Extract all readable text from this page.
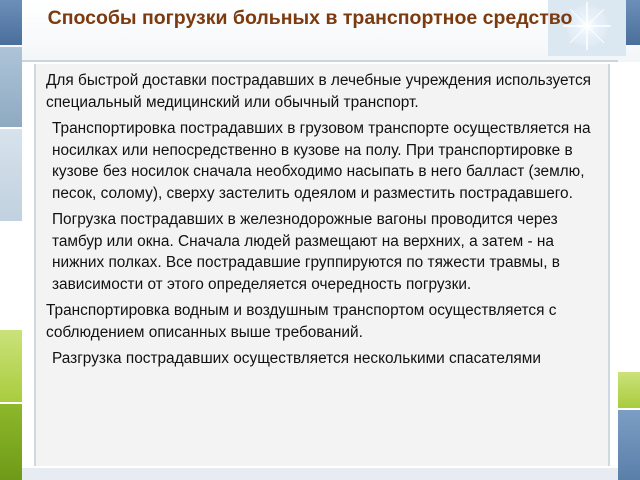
Способы погрузки больных в транспортное средство

Для быстрой доставки пострадавших в лечебные учреждения используется специальный медицинский или обычный транспорт.

Транспортировка пострадавших в грузовом транспорте осуществляется на носилках или непосредственно в кузове на полу. При транспортировке в кузове без носилок сначала необходимо насыпать в него балласт (землю, песок, солому), сверху застелить одеялом и разместить пострадавшего.

Погрузка пострадавших в железнодорожные вагоны проводится через тамбур или окна. Сначала людей размещают на верхних, а затем - на нижних полках. Все пострадавшие группируются по тяжести травмы, в зависимости от этого определяется очередность погрузки.

Транспортировка водным и воздушным транспортом осуществляется с соблюдением описанных выше требований.

Разгрузка пострадавших осуществляется несколькими спасателями
